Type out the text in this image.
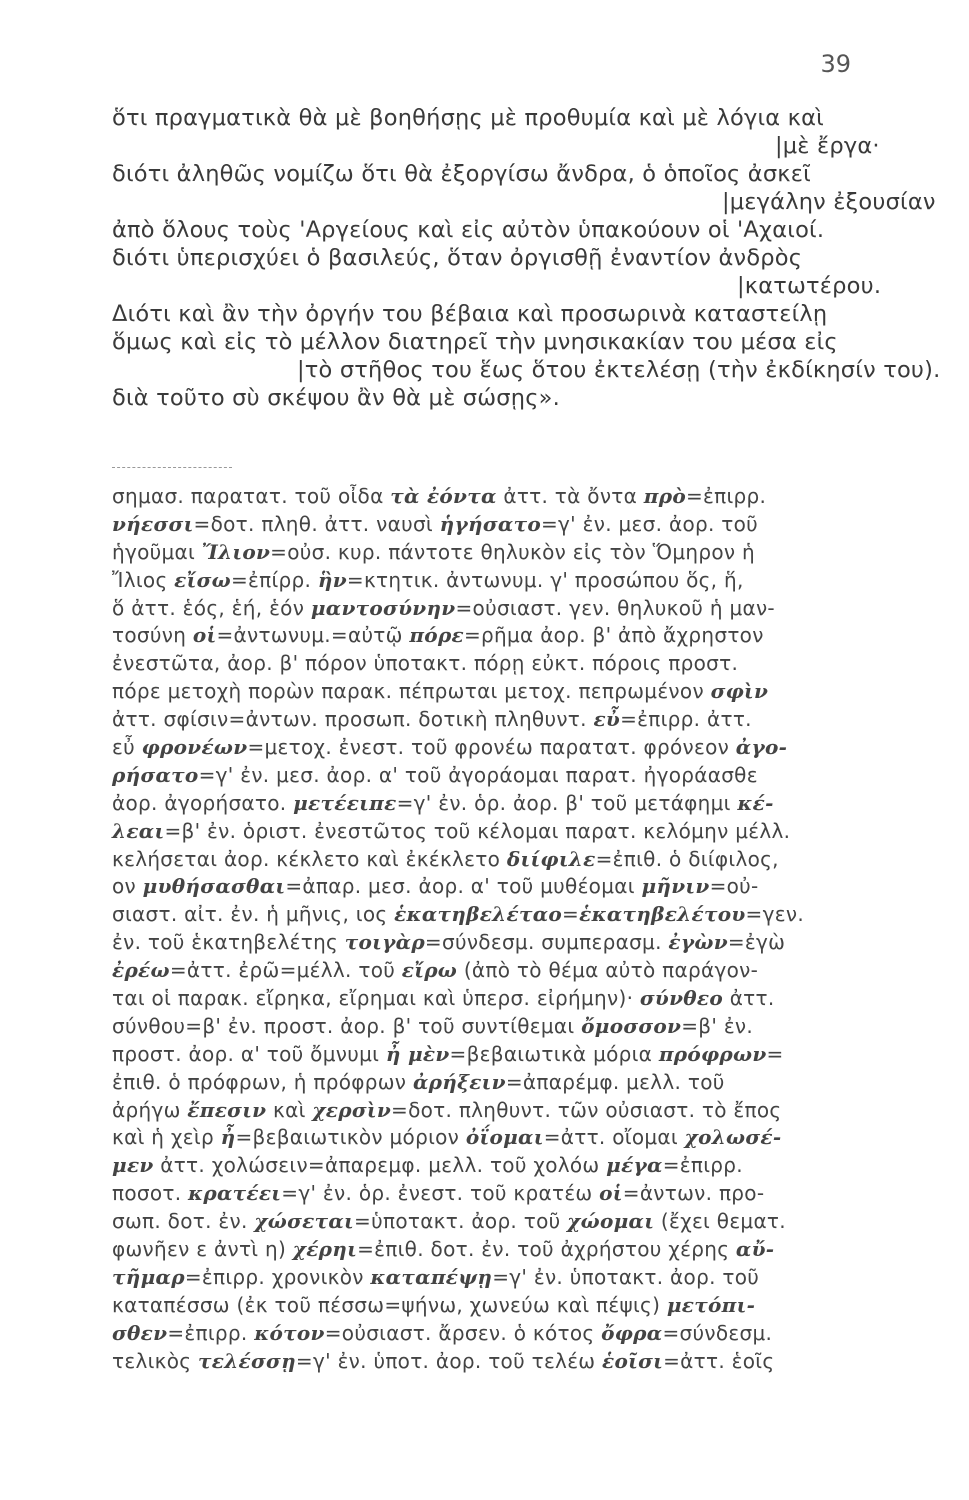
39
ὅτι πραγματικὰ θὰ μὲ βοηθήσῃς μὲ προθυμία καὶ μὲ λόγια καὶ
|μὲ ἔργα·
διότι ἀληθῶς νομίζω ὅτι θὰ ἐξοργίσω ἄνδρα, ὁ ὁποῖος ἀσκεῖ
|μεγάλην ἐξουσίαν
ἀπὸ ὅλους τοὺς 'Αργείους καὶ εἰς αὐτὸν ὑπακούουν οἱ 'Αχαιοί.
διότι ὑπερισχύει ὁ βασιλεύς, ὅταν ὀργισθῇ ἐναντίον ἀνδρὸς
|κατωτέρου.
Διότι καὶ ἂν τὴν ὀργήν του βέβαια καὶ προσωρινὰ καταστείλῃ
ὅμως καὶ εἰς τὸ μέλλον διατηρεῖ τὴν μνησικακίαν του μέσα εἰς
|τὸ στῆθος του ἕως ὅτου ἐκτελέσῃ (τὴν ἐκδίκησίν του).
διὰ τοῦτο σὺ σκέψου ἂν θὰ μὲ σώσῃς».
σημασ. παρατατ. τοῦ οἶδα τὰ ἐόντα ἀττ. τὰ ὄντα πρὸ=ἐπιρρ.
νήεσσι=δοτ. πληθ. ἀττ. ναυσὶ ἡγήσατο=γ' ἐν. μεσ. ἀορ. τοῦ
ἡγοῦμαι Ἴλιον=οὐσ. κυρ. πάντοτε θηλυκὸν εἰς τὸν Ὅμηρον ἡ
Ἴλιος εἴσω=ἐπίρρ. ἣν=κτητικ. ἀντωνυμ. γ' προσώπου ὅς, ἥ,
ὅ ἀττ. ἑός, ἑή, ἑόν μαντοσύνην=οὐσιαστ. γεν. θηλυκοῦ ἡ μαν-
τοσύνη οἱ=ἀντωνυμ.=αὐτῷ πόρε=ρῆμα ἀορ. β' ἀπὸ ἄχρηστον
ἐνεστῶτα, ἀορ. β' πόρον ὑποτακτ. πόρῃ εὐκτ. πόροις προστ.
πόρε μετοχὴ πορὼν παρακ. πέπρωται μετοχ. πεπρωμένον σφὶν
ἀττ. σφίσιν=ἀντων. προσωπ. δοτικὴ πληθυντ. εὖ=ἐπιρρ. ἀττ.
εὖ φρονέων=μετοχ. ἐνεστ. τοῦ φρονέω παρατατ. φρόνεον ἀγο-
ρήσατο=γ' ἐν. μεσ. ἀορ. α' τοῦ ἀγοράομαι παρατ. ἠγοράασθε
ἀορ. ἀγορήσατο. μετέειπε=γ' ἐν. ὁρ. ἀορ. β' τοῦ μετάφημι κέ-
λεαι=β' ἐν. ὁριστ. ἐνεστῶτος τοῦ κέλομαι παρατ. κελόμην μέλλ.
κελήσεται ἀορ. κέκλετο καὶ ἐκέκλετο διίφιλε=ἐπιθ. ὁ διίφιλος,
ον μυθήσασθαι=ἀπαρ. μεσ. ἀορ. α' τοῦ μυθέομαι μῆνιν=οὐ-
σιαστ. αἰτ. ἐν. ἡ μῆνις, ιος ἑκατηβελέταο=ἑκατηβελέτου=γεν.
ἐν. τοῦ ἑκατηβελέτης τοιγὰρ=σύνδεσμ. συμπερασμ. ἐγὼν=ἐγὼ
ἐρέω=ἀττ. ἐρῶ=μέλλ. τοῦ εἴρω (ἀπὸ τὸ θέμα αὐτὸ παράγον-
ται οἱ παρακ. εἴρηκα, εἴρημαι καὶ ὑπερσ. εἰρήμην)· σύνθεο ἀττ.
σύνθου=β' ἐν. προστ. ἀορ. β' τοῦ συντίθεμαι ὄμοσσον=β' ἐν.
προστ. ἀορ. α' τοῦ ὄμνυμι ἦ μὲν=βεβαιωτικὰ μόρια πρόφρων=
ἐπιθ. ὁ πρόφρων, ἡ πρόφρων ἀρήξειν=ἀπαρέμφ. μελλ. τοῦ
ἀρήγω ἔπεσιν καὶ χερσὶν=δοτ. πληθυντ. τῶν οὐσιαστ. τὸ ἔπος
καὶ ἡ χεὶρ ἦ=βεβαιωτικὸν μόριον ὀΐομαι=ἀττ. οἴομαι χολωσέ-
μεν ἀττ. χολώσειν=ἀπαρεμφ. μελλ. τοῦ χολόω μέγα=ἐπιρρ.
ποσοτ. κρατέει=γ' ἐν. ὁρ. ἐνεστ. τοῦ κρατέω οἱ=ἀντων. προ-
σωπ. δοτ. ἐν. χώσεται=ὑποτακτ. ἀορ. τοῦ χώομαι (ἔχει θεματ.
φωνῆεν ε ἀντὶ η) χέρηι=ἐπιθ. δοτ. ἐν. τοῦ ἀχρήστου χέρης αὔ-
τῆμαρ=ἐπιρρ. χρονικὸν καταπέψῃ=γ' ἐν. ὑποτακτ. ἀορ. τοῦ
καταπέσσω (ἐκ τοῦ πέσσω=ψήνω, χωνεύω καὶ πέψις) μετόπι-
σθεν=ἐπιρρ. κότον=οὐσιαστ. ἄρσεν. ὁ κότος ὄφρα=σύνδεσμ.
τελικὸς τελέσσῃ=γ' ἐν. ὑποτ. ἀορ. τοῦ τελέω ἑοῖσι=ἀττ. ἑοῖς
